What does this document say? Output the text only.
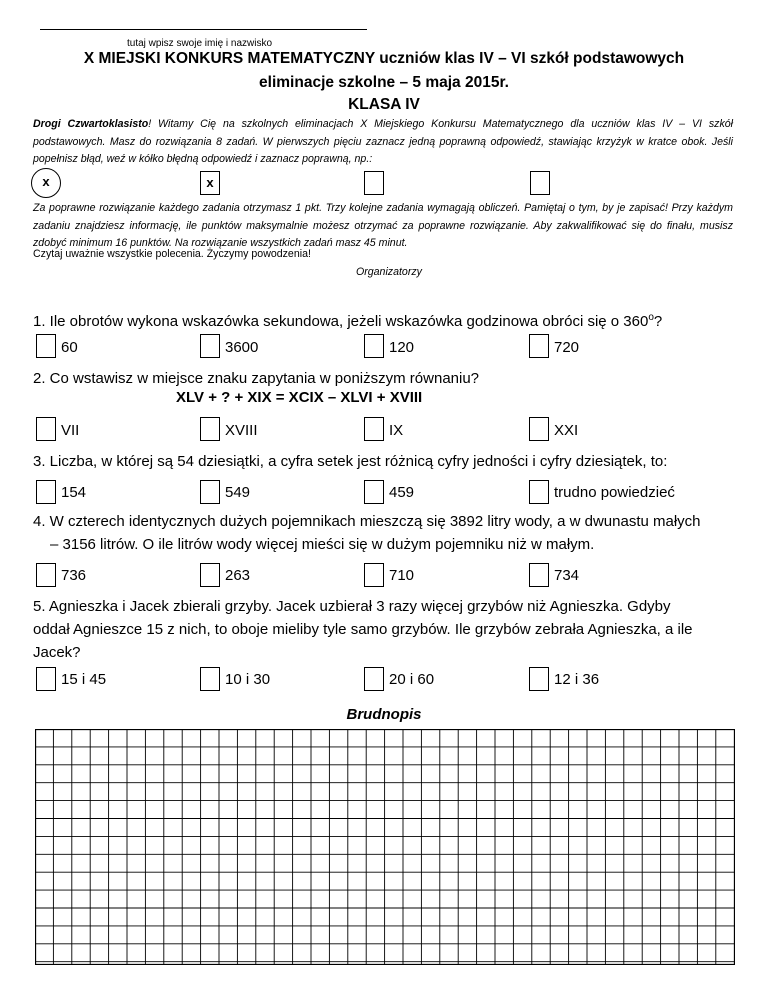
tutaj wpisz swoje imię i nazwisko
X MIEJSKI KONKURS MATEMATYCZNY uczniów klas IV – VI szkół podstawowych
eliminacje szkolne – 5 maja 2015r.
KLASA IV
Drogi Czwartoklasisto! Witamy Cię na szkolnych eliminacjach X Miejskiego Konkursu Matematycznego dla uczniów klas IV – VI szkół podstawowych. Masz do rozwiązania 8 zadań. W pierwszych pięciu zaznacz jedną poprawną odpowiedź, stawiając krzyżyk w kratce obok. Jeśli popełnisz błąd, weź w kółko błędną odpowiedź i zaznacz poprawną, np.:
x	x
Za poprawne rozwiązanie każdego zadania otrzymasz 1 pkt. Trzy kolejne zadania wymagają obliczeń. Pamiętaj o tym, by je zapisać! Przy każdym zadaniu znajdziesz informację, ile punktów maksymalnie możesz otrzymać za poprawne rozwiązanie. Aby zakwalifikować się do finału, musisz zdobyć minimum 16 punktów. Na rozwiązanie wszystkich zadań masz 45 minut.
Czytaj uważnie wszystkie polecenia. Życzymy powodzenia!
Organizatorzy
1. Ile obrotów wykona wskazówka sekundowa, jeżeli wskazówka godzinowa obróci się o 360$^o$?
60	3600	120	720
2. Co wstawisz w miejsce znaku zapytania w poniższym równaniu?
XLV + ? + XIX = XCIX – XLVI + XVIII
VII	XVIII	IX	XXI
3. Liczba, w której są 54 dziesiątki, a cyfra setek jest różnicą cyfry jedności i cyfry dziesiątek, to:
154	549	459	trudno powiedzieć
4. W czterech identycznych dużych pojemnikach mieszczą się 3892 litry wody, a w dwunastu małych
– 3156 litrów. O ile litrów wody więcej mieści się w dużym pojemniku niż w małym.
736	263	710	734
5. Agnieszka i Jacek zbierali grzyby. Jacek uzbierał 3 razy więcej grzybów niż Agnieszka. Gdyby
oddał Agnieszce 15 z nich, to oboje mieliby tyle samo grzybów. Ile grzybów zebrała Agnieszka, a ile
Jacek?
15 i 45	10 i 30	20 i 60	12 i 36
Brudnopis
